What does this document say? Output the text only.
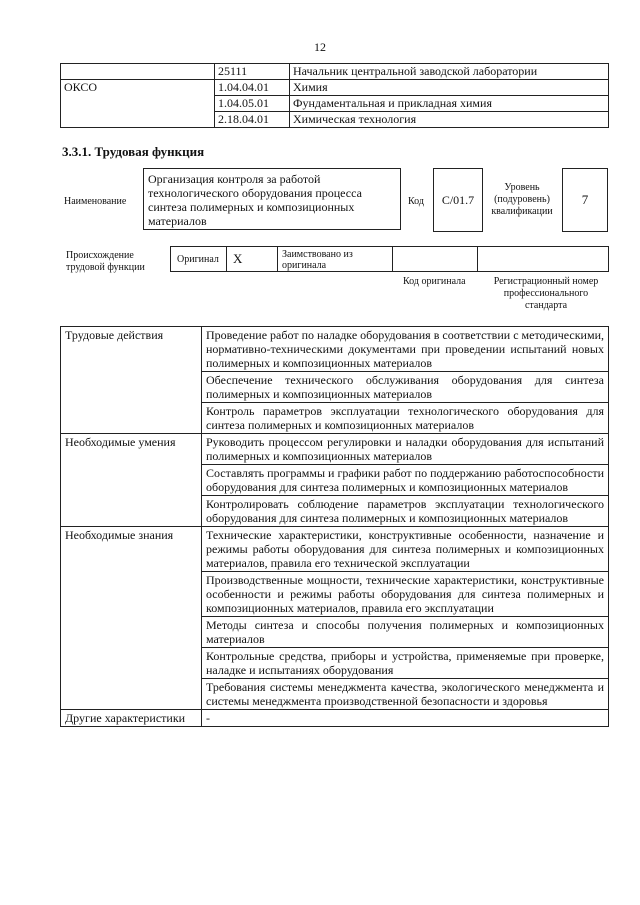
12
	25111	Начальник центральной заводской лаборатории
ОКСО	1.04.04.01	Химия
	1.04.05.01	Фундаментальная и прикладная химия
	2.18.04.01	Химическая технология
3.3.1. Трудовая функция
Наименование
Организация контроля за работой технологического оборудования процесса синтеза полимерных и композиционных материалов
Код	C/01.7
Уровень (подуровень) квалификации
7
Происхождение трудовой функции
Оригинал	X	Заимствовано из оригинала
Код оригинала	Регистрационный номер профессионального стандарта
Трудовые действия	Проведение работ по наладке оборудования в соответствии с методическими, нормативно-техническими документами при проведении испытаний новых полимерных и композиционных материалов
	Обеспечение технического обслуживания оборудования для синтеза полимерных и композиционных материалов
	Контроль параметров эксплуатации технологического оборудования для синтеза полимерных и композиционных материалов
Необходимые умения	Руководить процессом регулировки и наладки оборудования для испытаний полимерных и композиционных материалов
	Составлять программы и графики работ по поддержанию работоспособности оборудования для синтеза полимерных и композиционных материалов
	Контролировать соблюдение параметров эксплуатации технологического оборудования для синтеза полимерных и композиционных материалов
Необходимые знания	Технические характеристики, конструктивные особенности, назначение и режимы работы оборудования для синтеза полимерных и композиционных материалов, правила его технической эксплуатации
	Производственные мощности, технические характеристики, конструктивные особенности и режимы работы оборудования для синтеза полимерных и композиционных материалов, правила его эксплуатации
	Методы синтеза и способы получения полимерных и композиционных материалов
	Контрольные средства, приборы и устройства, применяемые при проверке, наладке и испытаниях оборудования
	Требования системы менеджмента качества, экологического менеджмента и системы менеджмента производственной безопасности и здоровья
Другие характеристики	-
